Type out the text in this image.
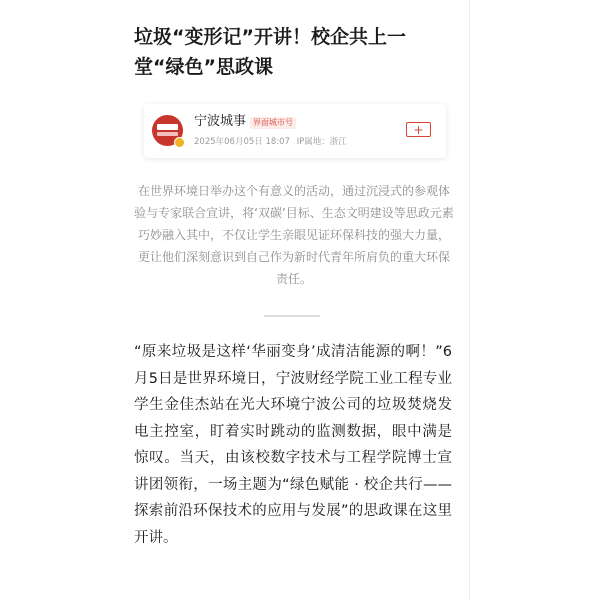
垃圾“变形记”开讲！校企共上一堂“绿色”思政课
宁波城事 界面城市号
2025年06月05日 18:07 IP属地：浙江
+

在世界环境日举办这个有意义的活动，通过沉浸式的参观体验与专家联合宣讲，将‘双碳’目标、生态文明建设等思政元素巧妙融入其中，不仅让学生亲眼见证环保科技的强大力量，更让他们深刻意识到自己作为新时代青年所肩负的重大环保责任。

“原来垃圾是这样‘华丽变身’成清洁能源的啊！”6月5日是世界环境日，宁波财经学院工业工程专业学生金佳杰站在光大环境宁波公司的垃圾焚烧发电主控室，盯着实时跳动的监测数据，眼中满是惊叹。当天，由该校数字技术与工程学院博士宣讲团领衔，一场主题为“绿色赋能 · 校企共行——探索前沿环保技术的应用与发展”的思政课在这里开讲。
